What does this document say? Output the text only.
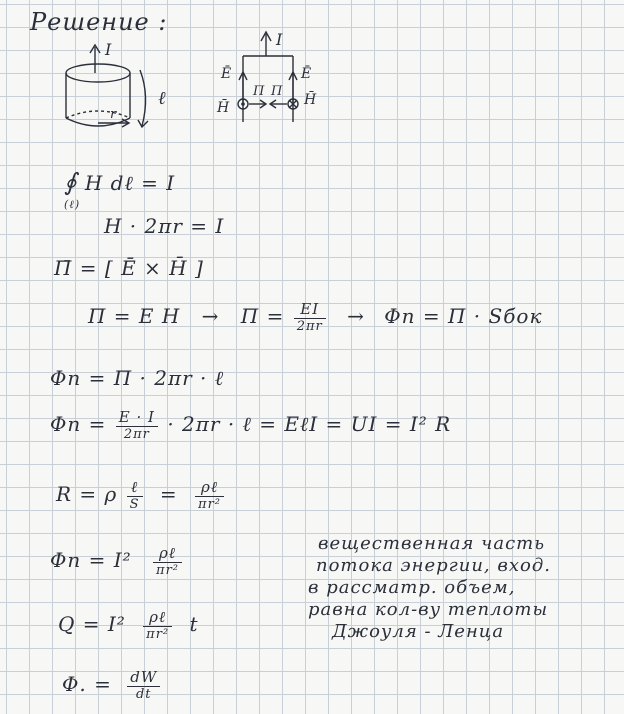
Решение :
I
ℓ
r
I
Ē	Ē
H̄	H̄
Π Π
∮ H dℓ = I
(ℓ)
H · 2πr = I
Π̄ = [ Ē × H̄ ]
Π = E $H \to \Pi = \frac{EI}{2\pi r} \to \Phi п = \Pi$ · Sбок
Φп = Π · 2πr · ℓ
$\Phi п = \frac{E \cdot I}{2\pi r} \cdot 2\pi r$ · ℓ = EℓI = UI = I² R
R = ρ $\frac{\text{ℓ}}{S} = \frac{\text{ρℓ}}{\text{πr²}}$
$\Phi п = I^2 \frac{\text{ρℓ}}{\text{πr²}}$
$Q = I^2 \frac{\text{ρℓ}}{\text{πr²}}$ t
Φ. = $\frac{dW}{dt}$
вещественная часть
потока энергии, вход.
в рассматр. объем,
равна кол-ву теплоты
Джоуля - Ленца
